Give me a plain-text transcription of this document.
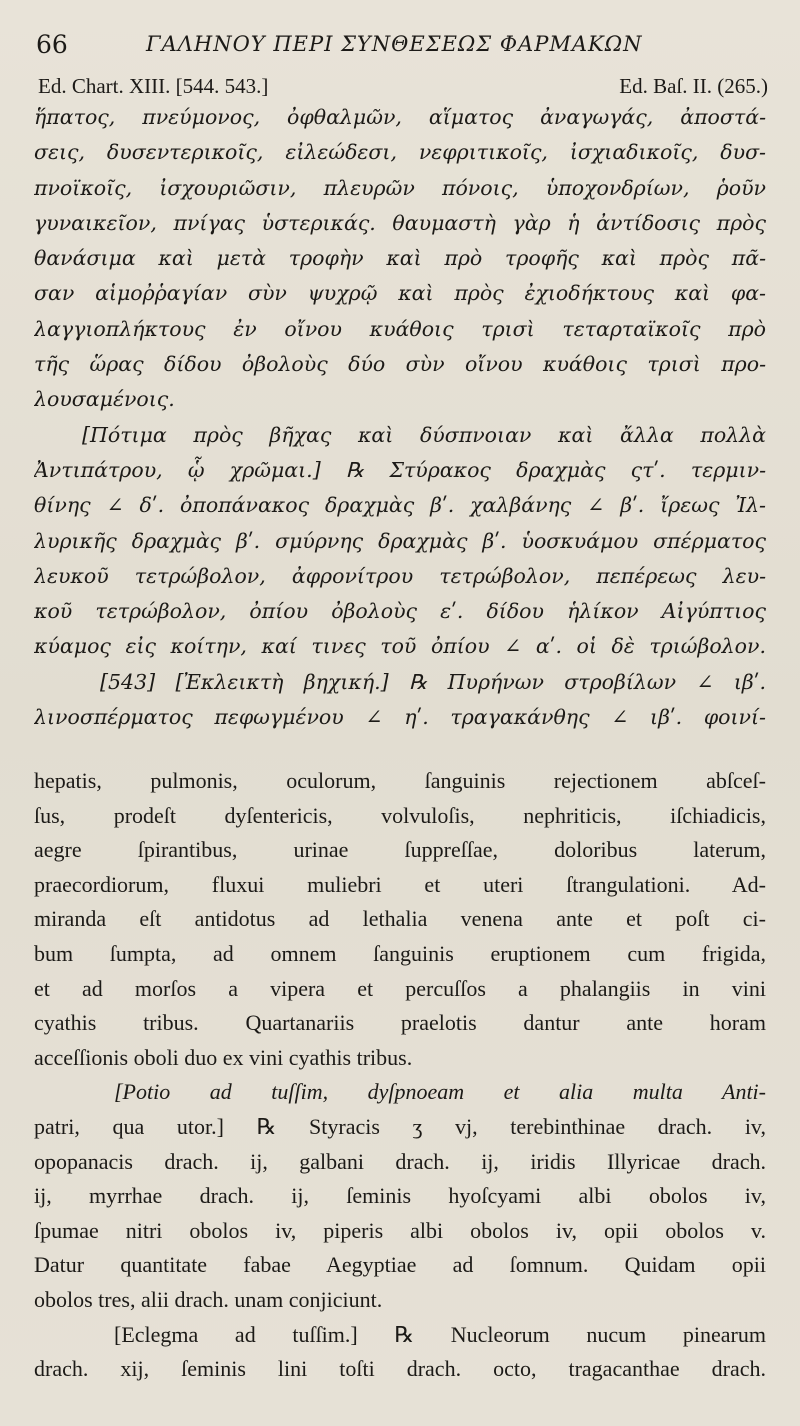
66	ΓΑΛΗΝΟΥ ΠΕΡΙ ΣΥΝΘΕΣΕΩΣ ΦΑΡΜΑΚΩΝ
Ed. Chart. XIII. [544. 543.]	Ed. Baſ. II. (265.)
ἥπατος, πνεύμονος, ὀφθαλμῶν, αἵματος ἀναγωγάς, ἀποστά-
σεις, δυσεντερικοῖς, εἰλεώδεσι, νεφριτικοῖς, ἰσχιαδικοῖς, δυσ-
πνοϊκοῖς, ἰσχουριῶσιν, πλευρῶν πόνοις, ὑποχονδρίων, ῥοῦν
γυναικεῖον, πνίγας ὑστερικάς. θαυμαστὴ γὰρ ἡ ἀντίδοσις πρὸς
θανάσιμα καὶ μετὰ τροφὴν καὶ πρὸ τροφῆς καὶ πρὸς πᾶ-
σαν αἱμοῤῥαγίαν σὺν ψυχρῷ καὶ πρὸς ἐχιοδήκτους καὶ φα-
λαγγιοπλήκτους ἐν οἴνου κυάθοις τρισὶ τεταρταϊκοῖς πρὸ
τῆς ὥρας δίδου ὀβολοὺς δύο σὺν οἴνου κυάθοις τρισὶ προ-
λουσαμένοις.
[Πότιμα πρὸς βῆχας καὶ δύσπνοιαν καὶ ἄλλα πολλὰ
Ἀντιπάτρου, ᾧ χρῶμαι.] ℞ Στύρακος δραχμὰς ςτʹ. τερμιν-
θίνης ∠ δʹ. ὀποπάνακος δραχμὰς βʹ. χαλβάνης ∠ βʹ. ἴρεως Ἰλ-
λυρικῆς δραχμὰς βʹ. σμύρνης δραχμὰς βʹ. ὑοσκυάμου σπέρματος
λευκοῦ τετρώβολον, ἀφρονίτρου τετρώβολον, πεπέρεως λευ-
κοῦ τετρώβολον, ὀπίου ὀβολοὺς εʹ. δίδου ἡλίκον Αἰγύπτιος
κύαμος εἰς κοίτην, καί τινες τοῦ ὀπίου ∠ αʹ. οἱ δὲ τριώβολον.
[543] [Ἐκλεικτὴ βηχική.] ℞ Πυρήνων στροβίλων ∠ ιβʹ.
λινοσπέρματος πεφωγμένου ∠ ηʹ. τραγακάνθης ∠ ιβʹ. φοινί-
hepatis, pulmonis, oculorum, ſanguinis rejectionem abſceſ-
ſus, prodeſt dyſentericis, volvuloſis, nephriticis, iſchiadicis,
aegre ſpirantibus, urinae ſuppreſſae, doloribus laterum,
praecordiorum, fluxui muliebri et uteri ſtrangulationi. Ad-
miranda eſt antidotus ad lethalia venena ante et poſt ci-
bum ſumpta, ad omnem ſanguinis eruptionem cum frigida,
et ad morſos a vipera et percuſſos a phalangiis in vini
cyathis tribus. Quartanariis praelotis dantur ante horam
acceſſionis oboli duo ex vini cyathis tribus.
[Potio ad tuſſim, dyſpnoeam et alia multa Anti-
patri, qua utor.] ℞ Styracis ʒ vj, terebinthinae drach. iv,
opopanacis drach. ij, galbani drach. ij, iridis Illyricae drach.
ij, myrrhae drach. ij, ſeminis hyoſcyami albi obolos iv,
ſpumae nitri obolos iv, piperis albi obolos iv, opii obolos v.
Datur quantitate fabae Aegyptiae ad ſomnum. Quidam opii
obolos tres, alii drach. unam conjiciunt.
[Eclegma ad tuſſim.] ℞ Nucleorum nucum pinearum
drach. xij, ſeminis lini toſti drach. octo, tragacanthae drach.
